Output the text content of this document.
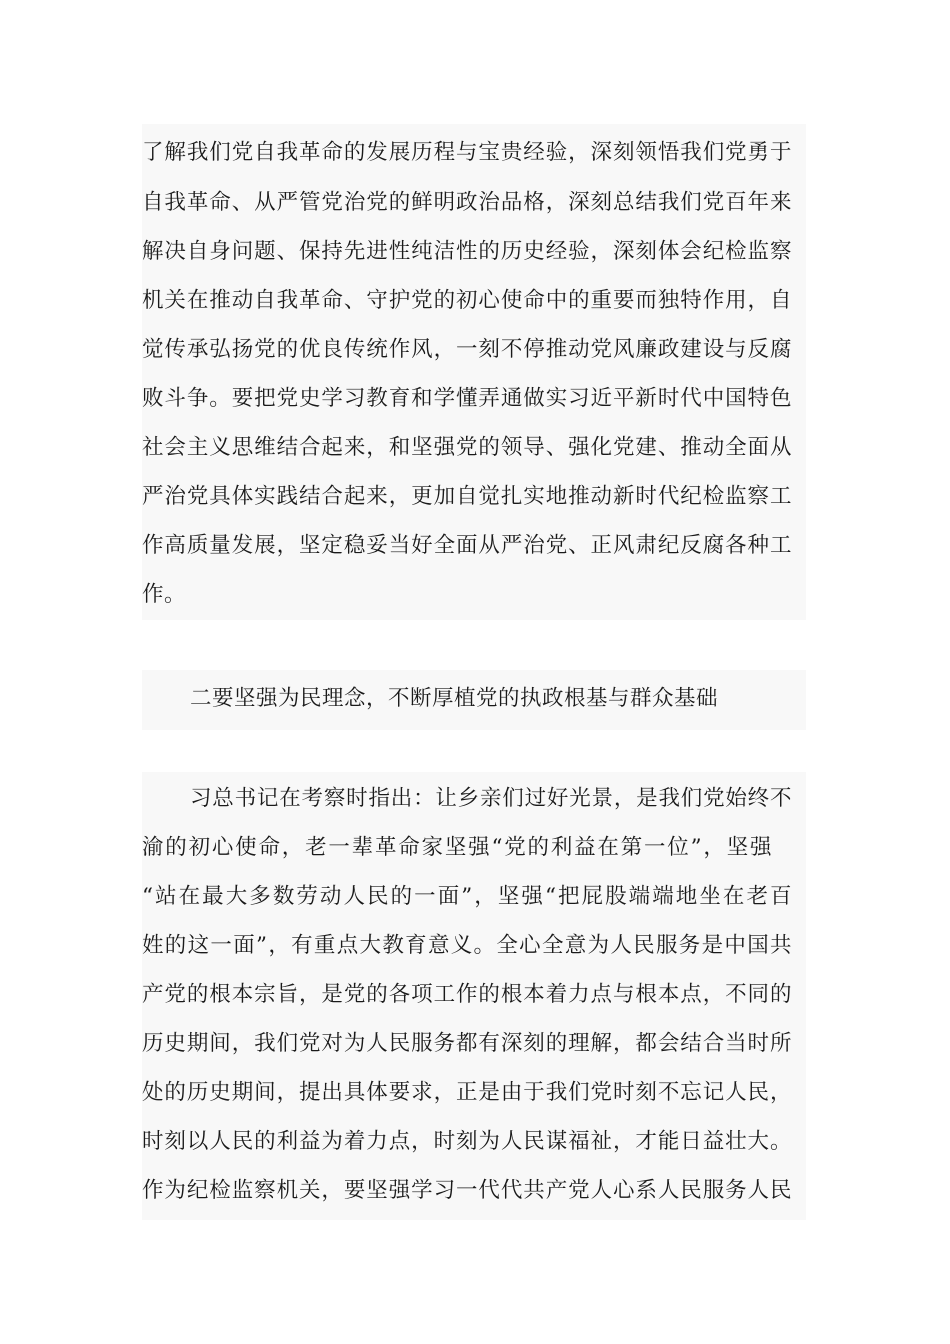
了解我们党自我革命的发展历程与宝贵经验，深刻领悟我们党勇于
自我革命、从严管党治党的鲜明政治品格，深刻总结我们党百年来
解决自身问题、保持先进性纯洁性的历史经验，深刻体会纪检监察
机关在推动自我革命、守护党的初心使命中的重要而独特作用，自
觉传承弘扬党的优良传统作风，一刻不停推动党风廉政建设与反腐
败斗争。要把党史学习教育和学懂弄通做实习近平新时代中国特色
社会主义思维结合起来，和坚强党的领导、强化党建、推动全面从
严治党具体实践结合起来，更加自觉扎实地推动新时代纪检监察工
作高质量发展，坚定稳妥当好全面从严治党、正风肃纪反腐各种工
作。
二要坚强为民理念，不断厚植党的执政根基与群众基础
习总书记在考察时指出：让乡亲们过好光景，是我们党始终不
渝的初心使命，老一辈革命家坚强“党的利益在第一位”，坚强
“站在最大多数劳动人民的一面”，坚强“把屁股端端地坐在老百
姓的这一面”，有重点大教育意义。全心全意为人民服务是中国共
产党的根本宗旨，是党的各项工作的根本着力点与根本点，不同的
历史期间，我们党对为人民服务都有深刻的理解，都会结合当时所
处的历史期间，提出具体要求，正是由于我们党时刻不忘记人民，
时刻以人民的利益为着力点，时刻为人民谋福祉，才能日益壮大。
作为纪检监察机关，要坚强学习一代代共产党人心系人民服务人民
